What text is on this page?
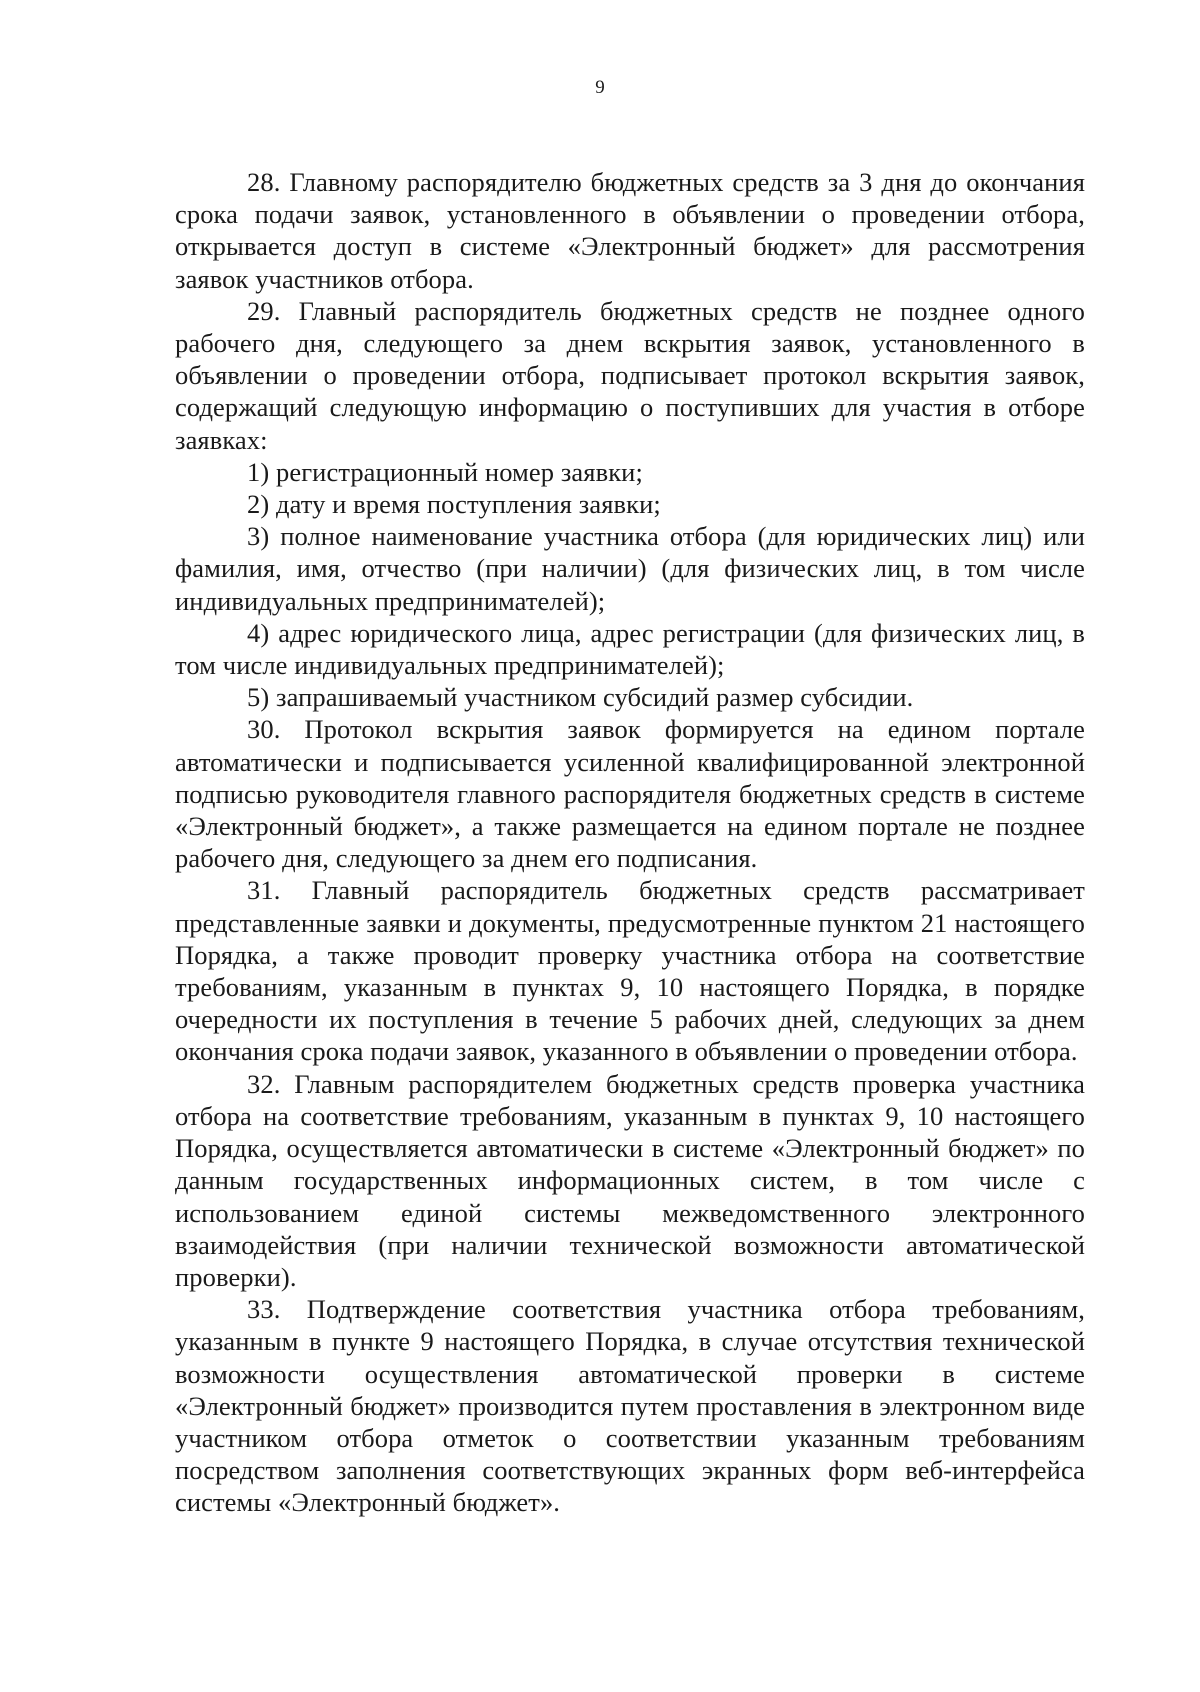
9

28. Главному распорядителю бюджетных средств за 3 дня до окончания срока подачи заявок, установленного в объявлении о проведении отбора, открывается доступ в системе «Электронный бюджет» для рассмотрения заявок участников отбора.

29. Главный распорядитель бюджетных средств не позднее одного рабочего дня, следующего за днем вскрытия заявок, установленного в объявлении о проведении отбора, подписывает протокол вскрытия заявок, содержащий следующую информацию о поступивших для участия в отборе заявках:

1) регистрационный номер заявки;

2) дату и время поступления заявки;

3) полное наименование участника отбора (для юридических лиц) или фамилия, имя, отчество (при наличии) (для физических лиц, в том числе индивидуальных предпринимателей);

4) адрес юридического лица, адрес регистрации (для физических лиц, в том числе индивидуальных предпринимателей);

5) запрашиваемый участником субсидий размер субсидии.

30. Протокол вскрытия заявок формируется на едином портале автоматически и подписывается усиленной квалифицированной электронной подписью руководителя главного распорядителя бюджетных средств в системе «Электронный бюджет», а также размещается на едином портале не позднее рабочего дня, следующего за днем его подписания.

31. Главный распорядитель бюджетных средств рассматривает представленные заявки и документы, предусмотренные пунктом 21 настоящего Порядка, а также проводит проверку участника отбора на соответствие требованиям, указанным в пунктах 9, 10 настоящего Порядка, в порядке очередности их поступления в течение 5 рабочих дней, следующих за днем окончания срока подачи заявок, указанного в объявлении о проведении отбора.

32. Главным распорядителем бюджетных средств проверка участника отбора на соответствие требованиям, указанным в пунктах 9, 10 настоящего Порядка, осуществляется автоматически в системе «Электронный бюджет» по данным государственных информационных систем, в том числе с использованием единой системы межведомственного электронного взаимодействия (при наличии технической возможности автоматической проверки).

33. Подтверждение соответствия участника отбора требованиям, указанным в пункте 9 настоящего Порядка, в случае отсутствия технической возможности осуществления автоматической проверки в системе «Электронный бюджет» производится путем проставления в электронном виде участником отбора отметок о соответствии указанным требованиям посредством заполнения соответствующих экранных форм веб-интерфейса системы «Электронный бюджет».
